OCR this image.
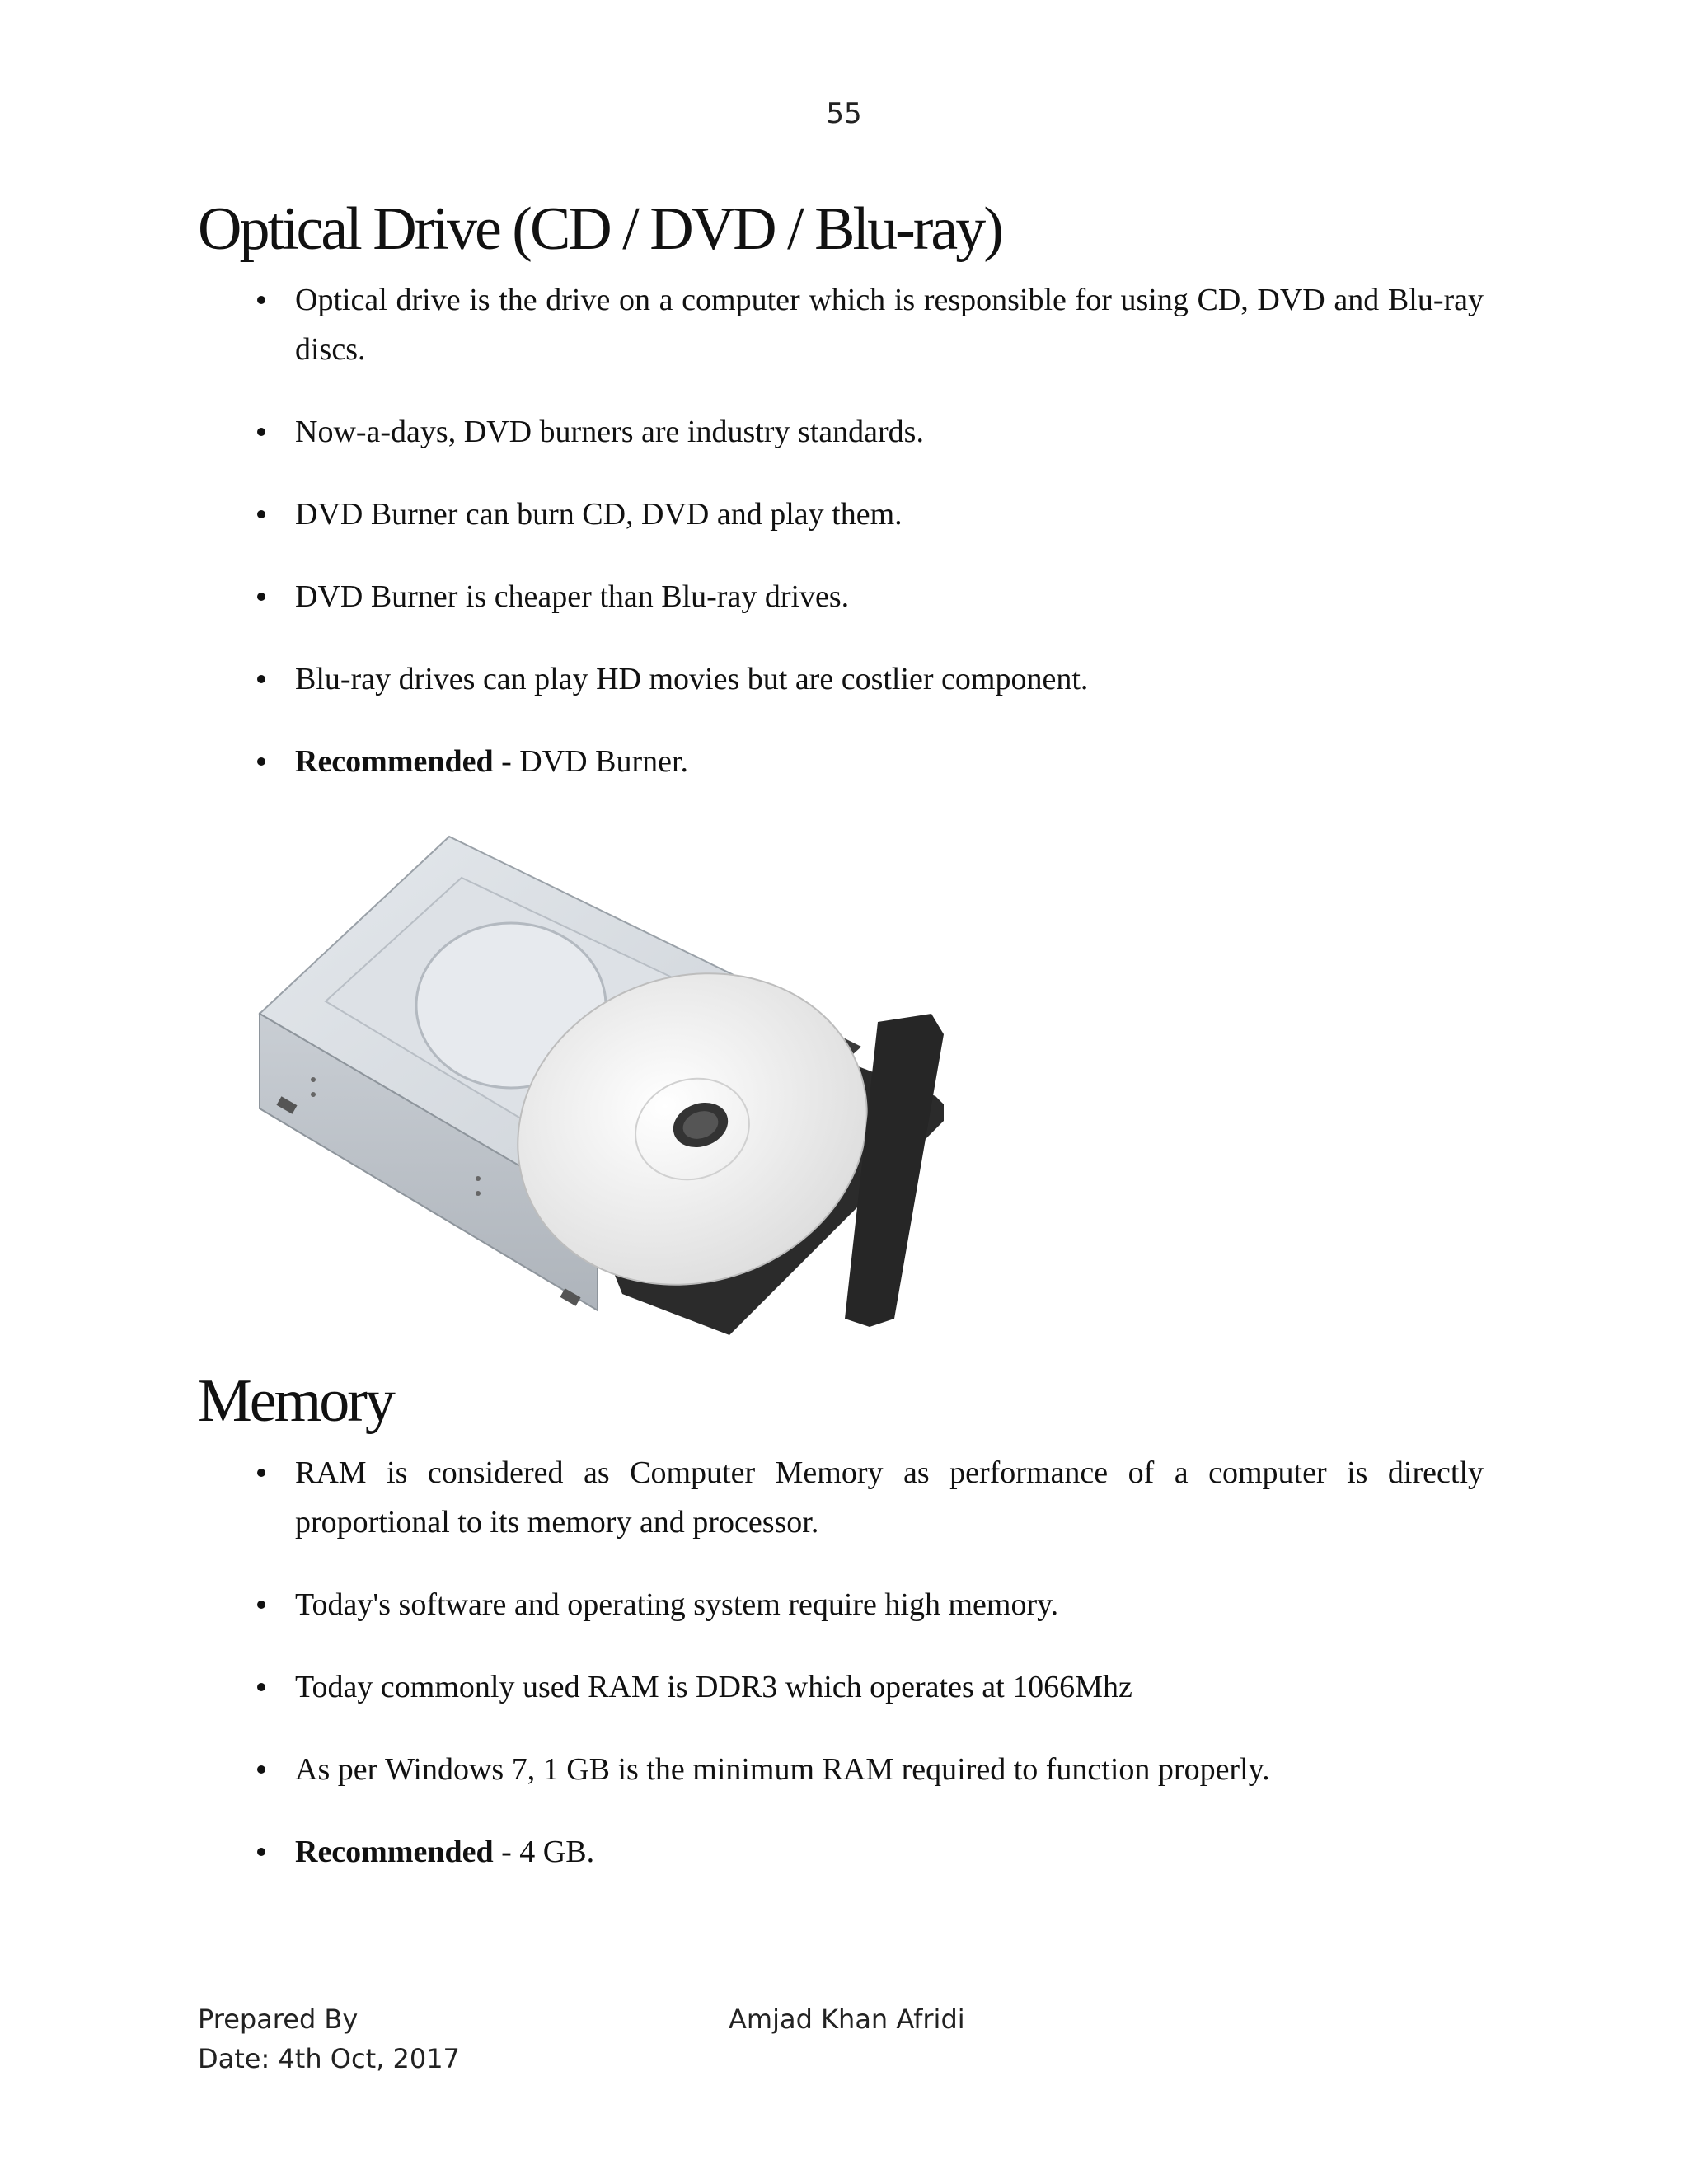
55
Optical Drive (CD / DVD / Blu-ray)
Optical drive is the drive on a computer which is responsible for using CD, DVD and Blu-ray discs.
Now-a-days, DVD burners are industry standards.
DVD Burner can burn CD, DVD and play them.
DVD Burner is cheaper than Blu-ray drives.
Blu-ray drives can play HD movies but are costlier component.
Recommended - DVD Burner.
Memory
RAM is considered as Computer Memory as performance of a computer is directly proportional to its memory and processor.
Today's software and operating system require high memory.
Today commonly used RAM is DDR3 which operates at 1066Mhz
As per Windows 7, 1 GB is the minimum RAM required to function properly.
Recommended - 4 GB.
Prepared By
Date: 4th Oct, 2017
Amjad Khan Afridi
